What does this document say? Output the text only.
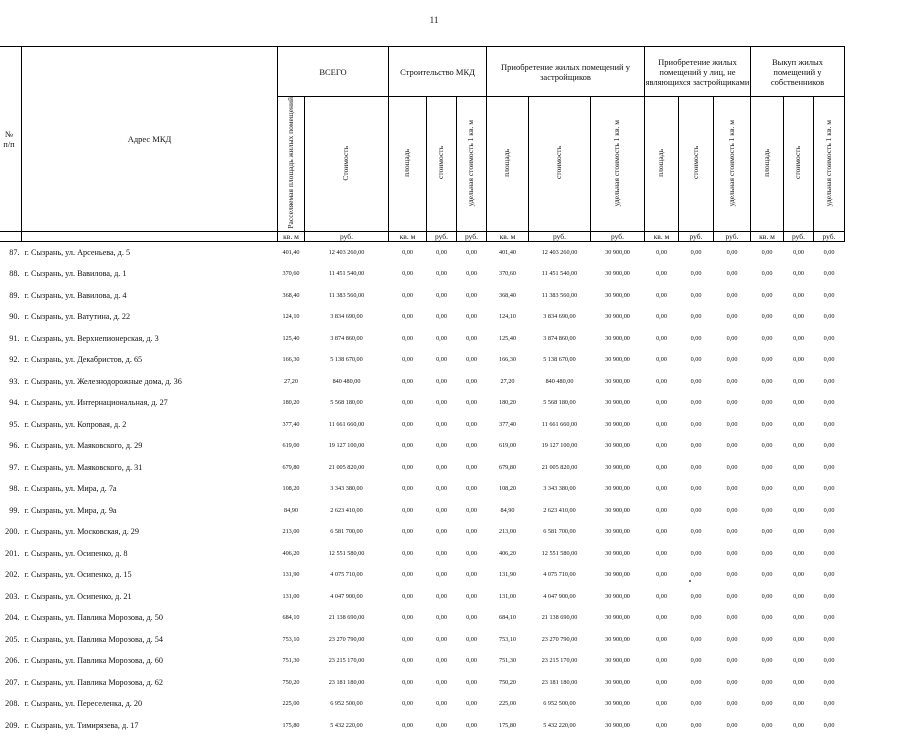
11
№
п/п	Адрес МКД	ВСЕГО		Строительство МКД			Приобретение жилых помещений у застройщиков			Приобретение жилых помещений у лиц, не являющихся застройщиками			Выкуп жилых помещений у собственников		
		Расселяемая площадь жилых помещений	Стоимость	площадь	стоимость	удельная стоимость 1 кв. м	площадь	стоимость	удельная стоимость 1 кв. м	площадь	стоимость	удельная стоимость 1 кв. м	площадь	стоимость	удельная стоимость 1 кв. м
		кв. м	руб.	кв. м	руб.	руб.	кв. м	руб.	руб.	кв. м	руб.	руб.	кв. м	руб.	руб.
87.	г. Сызрань, ул. Арсеньева, д. 5	401,40	12 403 260,00	0,00	0,00	0,00	401,40	12 403 260,00	30 900,00	0,00	0,00	0,00	0,00	0,00	0,00
88.	г. Сызрань, ул. Вавилова, д. 1	370,60	11 451 540,00	0,00	0,00	0,00	370,60	11 451 540,00	30 900,00	0,00	0,00	0,00	0,00	0,00	0,00
89.	г. Сызрань, ул. Вавилова, д. 4	368,40	11 383 560,00	0,00	0,00	0,00	368,40	11 383 560,00	30 900,00	0,00	0,00	0,00	0,00	0,00	0,00
90.	г. Сызрань, ул. Ватутина, д. 22	124,10	3 834 690,00	0,00	0,00	0,00	124,10	3 834 690,00	30 900,00	0,00	0,00	0,00	0,00	0,00	0,00
91.	г. Сызрань, ул. Верхнепионерская, д. 3	125,40	3 874 860,00	0,00	0,00	0,00	125,40	3 874 860,00	30 900,00	0,00	0,00	0,00	0,00	0,00	0,00
92.	г. Сызрань, ул. Декабристов, д. 65	166,30	5 138 670,00	0,00	0,00	0,00	166,30	5 138 670,00	30 900,00	0,00	0,00	0,00	0,00	0,00	0,00
93.	г. Сызрань, ул. Железнодорожные дома, д. 36	27,20	840 480,00	0,00	0,00	0,00	27,20	840 480,00	30 900,00	0,00	0,00	0,00	0,00	0,00	0,00
94.	г. Сызрань, ул. Интернациональная, д. 27	180,20	5 568 180,00	0,00	0,00	0,00	180,20	5 568 180,00	30 900,00	0,00	0,00	0,00	0,00	0,00	0,00
95.	г. Сызрань, ул. Копровая, д. 2	377,40	11 661 660,00	0,00	0,00	0,00	377,40	11 661 660,00	30 900,00	0,00	0,00	0,00	0,00	0,00	0,00
96.	г. Сызрань, ул. Маяковского, д. 29	619,00	19 127 100,00	0,00	0,00	0,00	619,00	19 127 100,00	30 900,00	0,00	0,00	0,00	0,00	0,00	0,00
97.	г. Сызрань, ул. Маяковского, д. 31	679,80	21 005 820,00	0,00	0,00	0,00	679,80	21 005 820,00	30 900,00	0,00	0,00	0,00	0,00	0,00	0,00
98.	г. Сызрань, ул. Мира, д. 7а	108,20	3 343 380,00	0,00	0,00	0,00	108,20	3 343 380,00	30 900,00	0,00	0,00	0,00	0,00	0,00	0,00
99.	г. Сызрань, ул. Мира, д. 9а	84,90	2 623 410,00	0,00	0,00	0,00	84,90	2 623 410,00	30 900,00	0,00	0,00	0,00	0,00	0,00	0,00
200.	г. Сызрань, ул. Московская, д. 29	213,00	6 581 700,00	0,00	0,00	0,00	213,00	6 581 700,00	30 900,00	0,00	0,00	0,00	0,00	0,00	0,00
201.	г. Сызрань, ул. Осипенко, д. 8	406,20	12 551 580,00	0,00	0,00	0,00	406,20	12 551 580,00	30 900,00	0,00	0,00	0,00	0,00	0,00	0,00
202.	г. Сызрань, ул. Осипенко, д. 15	131,90	4 075 710,00	0,00	0,00	0,00	131,90	4 075 710,00	30 900,00	0,00	0,00	0,00	0,00	0,00	0,00
203.	г. Сызрань, ул. Осипенко, д. 21	131,00	4 047 900,00	0,00	0,00	0,00	131,00	4 047 900,00	30 900,00	0,00	0,00	0,00	0,00	0,00	0,00
204.	г. Сызрань, ул. Павлика Морозова, д. 50	684,10	21 138 690,00	0,00	0,00	0,00	684,10	21 138 690,00	30 900,00	0,00	0,00	0,00	0,00	0,00	0,00
205.	г. Сызрань, ул. Павлика Морозова, д. 54	753,10	23 270 790,00	0,00	0,00	0,00	753,10	23 270 790,00	30 900,00	0,00	0,00	0,00	0,00	0,00	0,00
206.	г. Сызрань, ул. Павлика Морозова, д. 60	751,30	23 215 170,00	0,00	0,00	0,00	751,30	23 215 170,00	30 900,00	0,00	0,00	0,00	0,00	0,00	0,00
207.	г. Сызрань, ул. Павлика Морозова, д. 62	750,20	23 181 180,00	0,00	0,00	0,00	750,20	23 181 180,00	30 900,00	0,00	0,00	0,00	0,00	0,00	0,00
208.	г. Сызрань, ул. Переселенка, д. 20	225,00	6 952 500,00	0,00	0,00	0,00	225,00	6 952 500,00	30 900,00	0,00	0,00	0,00	0,00	0,00	0,00
209.	г. Сызрань, ул. Тимирязева, д. 17	175,80	5 432 220,00	0,00	0,00	0,00	175,80	5 432 220,00	30 900,00	0,00	0,00	0,00	0,00	0,00	0,00
